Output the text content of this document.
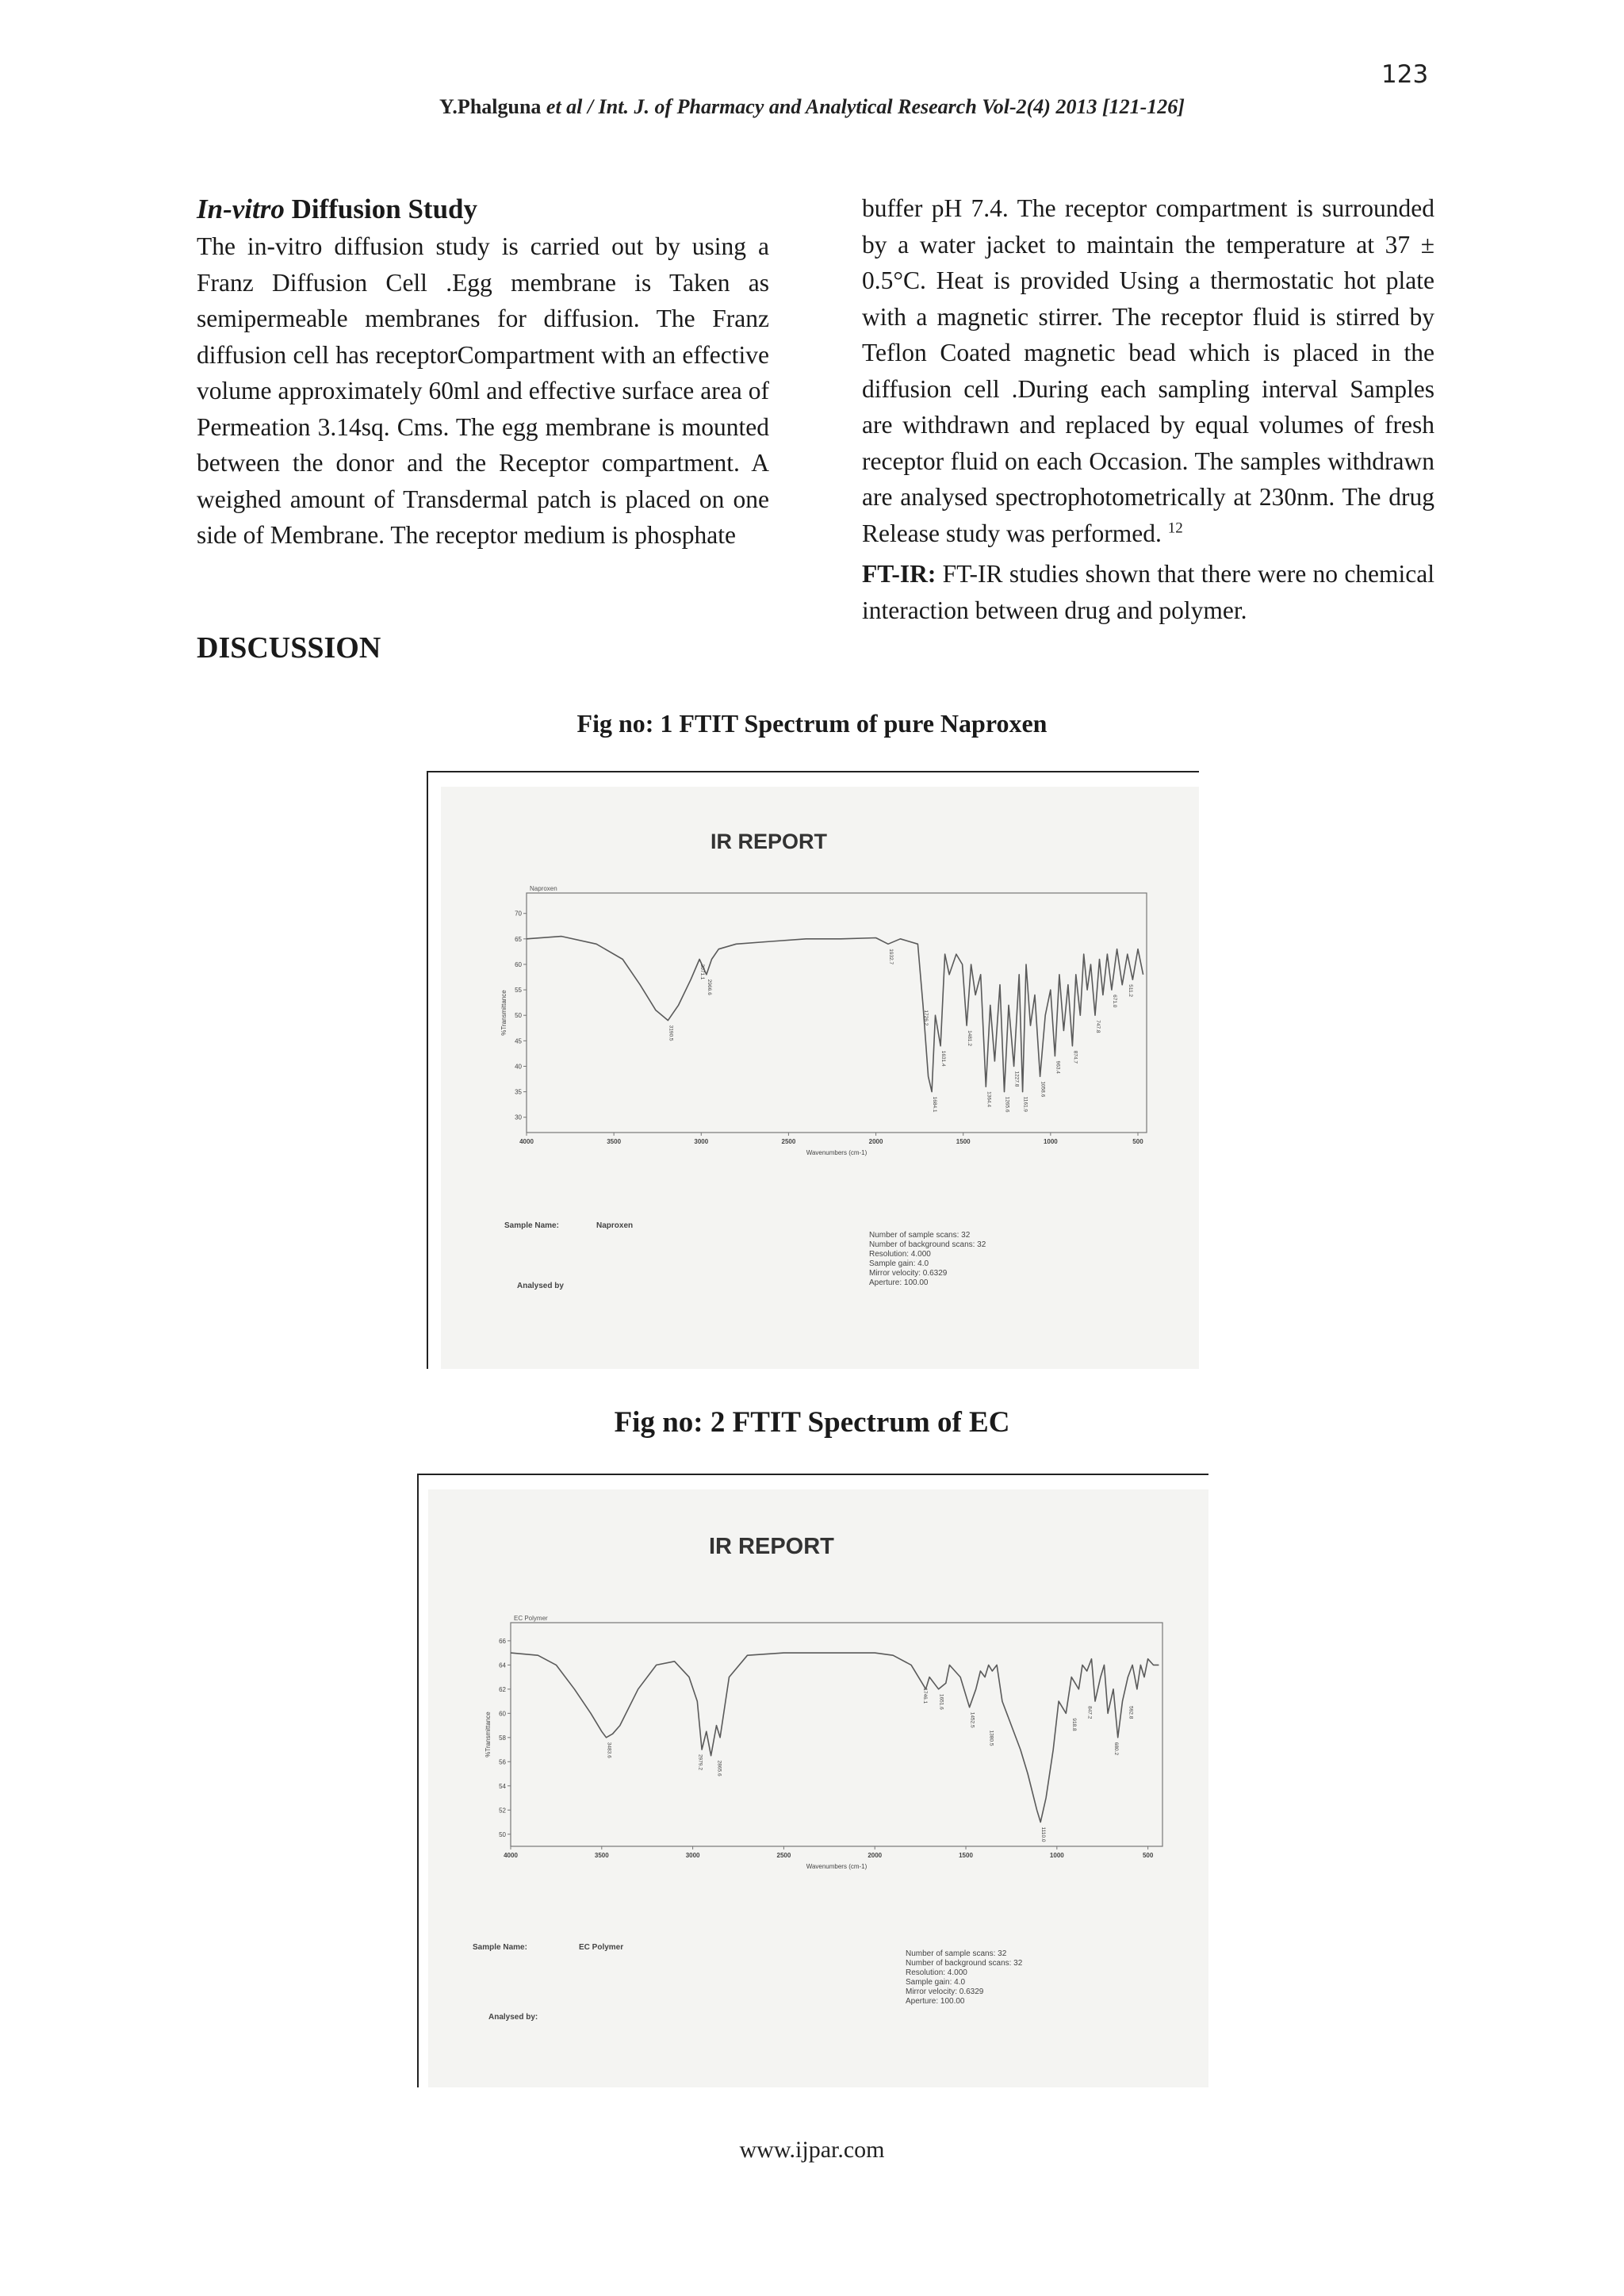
123
Y.Phalguna et al / Int. J. of Pharmacy and Analytical Research Vol-2(4) 2013 [121-126]

In-vitro Diffusion Study

The in-vitro diffusion study is carried out by using a Franz Diffusion Cell .Egg membrane is Taken as semipermeable membranes for diffusion. The Franz diffusion cell has receptorCompartment with an effective volume approximately 60ml and effective surface area of Permeation 3.14sq. Cms. The egg membrane is mounted between the donor and the Receptor compartment. A weighed amount of Transdermal patch is placed on one side of Membrane. The receptor medium is phosphate

DISCUSSION

buffer pH 7.4. The receptor compartment is surrounded by a water jacket to maintain the temperature at 37 ± 0.5°C. Heat is provided Using a thermostatic hot plate with a magnetic stirrer. The receptor fluid is stirred by Teflon Coated magnetic bead which is placed in the diffusion cell .During each sampling interval Samples are withdrawn and replaced by equal volumes of fresh receptor fluid on each Occasion. The samples withdrawn are analysed spectrophotometrically at 230nm. The drug Release study was performed. $^{12}$

FT-IR: FT-IR studies shown that there were no chemical interaction between drug and polymer.

Fig no: 1 FTIT Spectrum of pure Naproxen
IR REPORT
Naproxen
30
35
40
45
50
55
60
65
70
4000	3500	3000	2500	2000	1500	1000	500
Wavenumbers (cm-1)
%Transmittance	3190.5
3071.1
2966.6
1932.7
1726.2
1684.1
1631.4
1481.2
1364.4 1265.6
1227.8
1161.9
1058.6
963.4
874.7
747.8
671.0
511.2
Sample Name:	Naproxen
Analysed by
Number of sample scans: 32
Number of background scans: 32
Resolution: 4.000
Sample gain: 4.0
Mirror velocity: 0.6329
Aperture: 100.00
Fig no: 2 FTIT Spectrum of EC
IR REPORT
EC Polymer
50
52
54
56
58
60
62
64
66
4000	3500	3000	2500	2000	1500	1000	500
Wavenumbers (cm-1)
%Transmittance	3483.6
2979.2	2865.6
1746.1 1651.6
1452.5
1380.5
1110.0
918.8
847.2
680.2
592.8
Sample Name:	EC Polymer
Analysed by:
Number of sample scans: 32
Number of background scans: 32
Resolution: 4.000
Sample gain: 4.0
Mirror velocity: 0.6329
Aperture: 100.00
www.ijpar.com
